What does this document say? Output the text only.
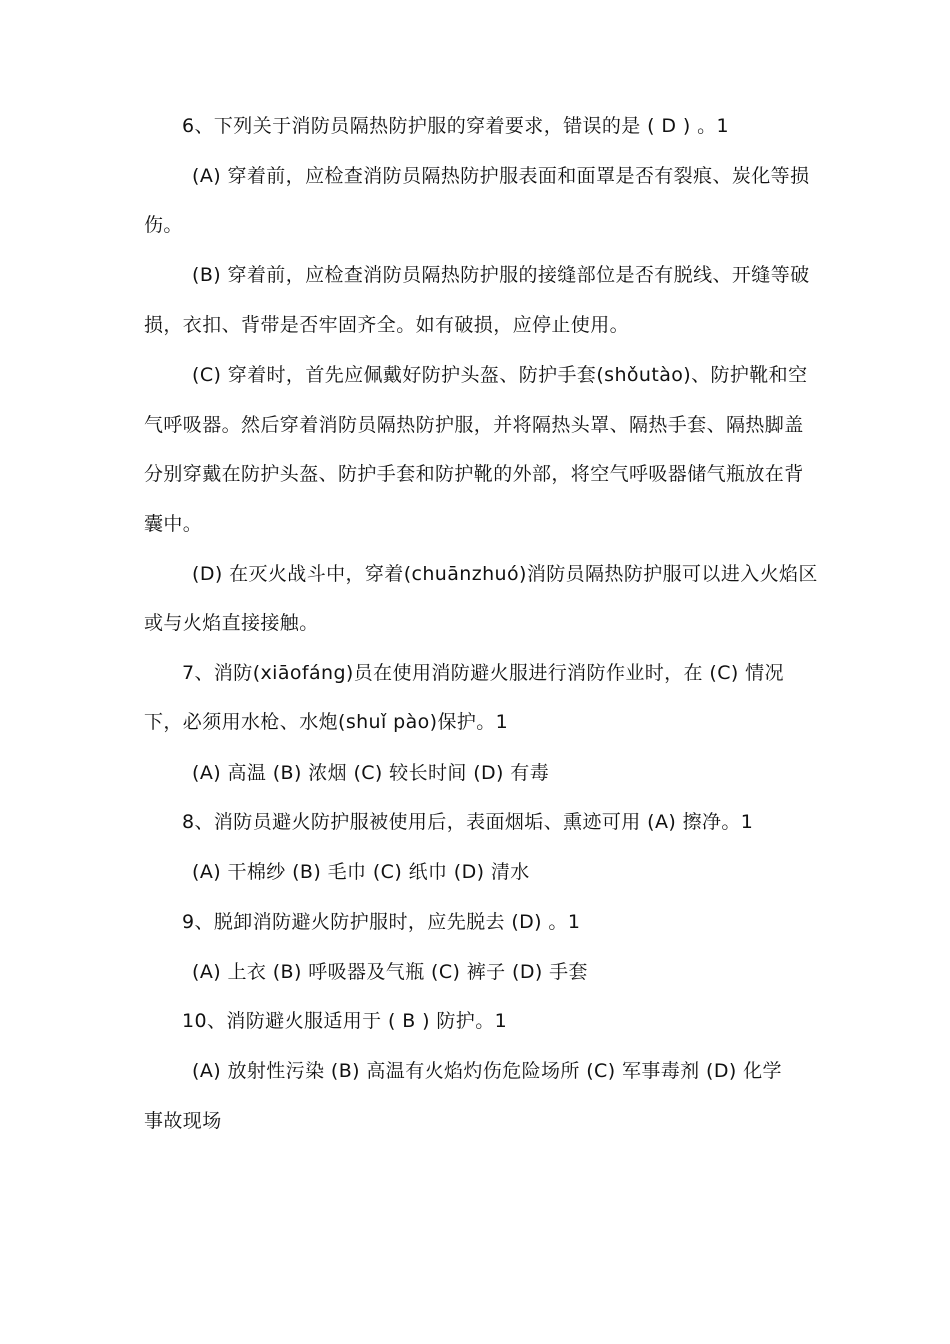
6、下列关于消防员隔热防护服的穿着要求，错误的是 ( D ) 。1
(A) 穿着前，应检查消防员隔热防护服表面和面罩是否有裂痕、炭化等损
伤。
(B) 穿着前，应检查消防员隔热防护服的接缝部位是否有脱线、开缝等破
损，衣扣、背带是否牢固齐全。如有破损，应停止使用。
(C) 穿着时，首先应佩戴好防护头盔、防护手套(shǒutào)、防护靴和空
气呼吸器。然后穿着消防员隔热防护服，并将隔热头罩、隔热手套、隔热脚盖
分别穿戴在防护头盔、防护手套和防护靴的外部，将空气呼吸器储气瓶放在背
囊中。
(D) 在灭火战斗中，穿着(chuānzhuó)消防员隔热防护服可以进入火焰区
或与火焰直接接触。
7、消防(xiāofáng)员在使用消防避火服进行消防作业时，在 (C) 情况
下，必须用水枪、水炮(shuǐ pào)保护。1
(A) 高温 (B) 浓烟 (C) 较长时间 (D) 有毒
8、消防员避火防护服被使用后，表面烟垢、熏迹可用 (A) 擦净。1
(A) 干棉纱 (B) 毛巾 (C) 纸巾 (D) 清水
9、脱卸消防避火防护服时，应先脱去 (D) 。1
(A) 上衣 (B) 呼吸器及气瓶 (C) 裤子 (D) 手套
10、消防避火服适用于 ( B ) 防护。1
(A) 放射性污染 (B) 高温有火焰灼伤危险场所 (C) 军事毒剂 (D) 化学
事故现场
